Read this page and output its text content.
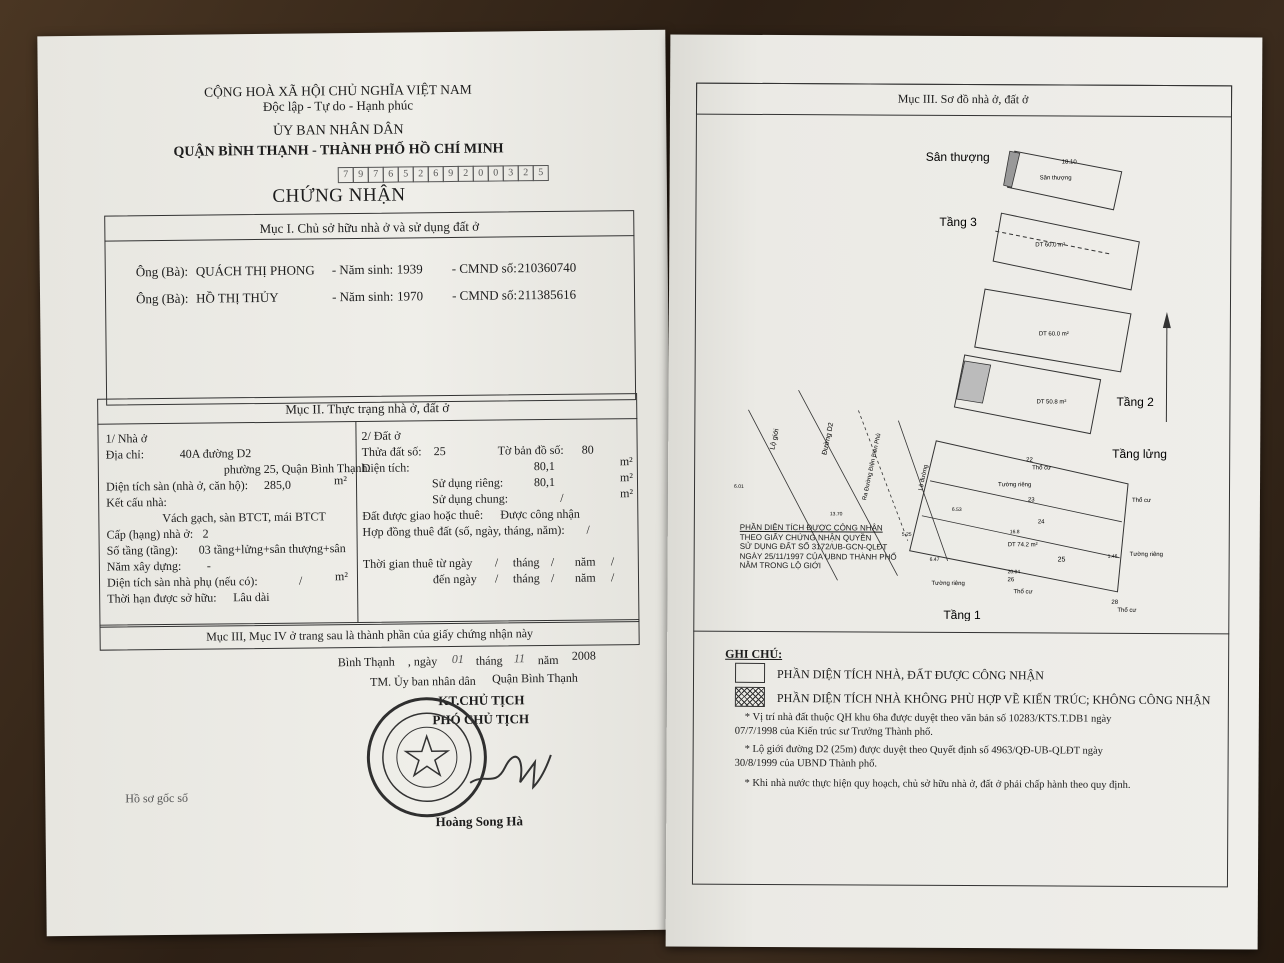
CỘNG HOÀ XÃ HỘI CHỦ NGHĨA VIỆT NAM
Độc lập - Tự do - Hạnh phúc
ỦY BAN NHÂN DÂN
QUẬN BÌNH THẠNH - THÀNH PHỐ HỒ CHÍ MINH
7 9 7 6 5 2 6 9 2 0 0 3 2 5
CHỨNG NHẬN
Mục I. Chủ sở hữu nhà ở và sử dụng đất ở
Ông (Bà): QUÁCH THỊ PHONG - Năm sinh: 1939 - CMND số: 210360740
Ông (Bà): HỒ THỊ THỦY	- Năm sinh: 1970 - CMND số: 211385616
Mục II. Thực trạng nhà ở, đất ở
1/ Nhà ở
Địa chỉ:	40A đường D2
phường 25, Quận Bình Thạnh.
Diện tích sàn (nhà ở, căn hộ): 285,0	m²
Kết cấu nhà:
Vách gạch, sàn BTCT, mái BTCT
Cấp (hạng) nhà ở: 2
Số tầng (tầng): 03 tầng+lửng+sân thượng+sân
Năm xây dựng: -
Diện tích sàn nhà phụ (nếu có):	/	m²
Thời hạn được sở hữu: Lâu dài
2/ Đất ở
Thửa đất số: 25	Tờ bản đồ số: 80
Diện tích:	80,1	m²
Sử dụng riêng:	80,1	m²
Sử dụng chung:	/	m²
Đất được giao hoặc thuê: Được công nhận
Hợp đồng thuê đất (số, ngày, tháng, năm): /
Thời gian thuê từ ngày / tháng / năm /
đến ngày / tháng / năm /
Mục III, Mục IV ở trang sau là thành phần của giấy chứng nhận này
Bình Thạnh , ngày 01 tháng 11 năm 2008
TM. Ủy ban nhân dân Quận Bình Thạnh
KT.CHỦ TỊCH
PHÓ CHỦ TỊCH
Hoàng Song Hà
Hồ sơ gốc số
Mục III. Sơ đồ nhà ở, đất ở
Sân thượng
Sân thượng
18.10
Tầng 3
DT 60.0 m²
DT 60.0 m²
DT 50.8 m²	Tầng 2
Tầng lửng
Lộ giới	Đường D2	Ra Đường Điện Biên Phủ	Lộ đường	Tường riêng
DT 74.2 m²
25
22
23
24
26
28
Thổ cư
Thổ cư
Thổ cư
Thổ cư
Tường riêng
Tường riêng
6.01
13.70
5.25
6.47
20.04
6.53
16.8
1.46
Tầng 1
PHẦN DIỆN TÍCH ĐƯỢC CÔNG NHẬN
THEO GIẤY CHỨNG NHẬN QUYỀN
SỬ DỤNG ĐẤT SỐ 3172/UB-GCN-QLĐT
NGÀY 25/11/1997 CỦA UBND THÀNH PHỐ
NẰM TRONG LỘ GIỚI
GHI CHÚ:
PHẦN DIỆN TÍCH NHÀ, ĐẤT ĐƯỢC CÔNG NHẬN
PHẦN DIỆN TÍCH NHÀ KHÔNG PHÙ HỢP VỀ KIẾN TRÚC; KHÔNG CÔNG NHẬN
* Vị trí nhà đất thuộc QH khu 6ha được duyệt theo văn bản số 10283/KTS.T.DB1 ngày
07/7/1998 của Kiến trúc sư Trưởng Thành phố.
* Lộ giới đường D2 (25m) được duyệt theo Quyết định số 4963/QĐ-UB-QLĐT ngày
30/8/1999 của UBND Thành phố.
* Khi nhà nước thực hiện quy hoạch, chủ sở hữu nhà ở, đất ở phải chấp hành theo quy định.
